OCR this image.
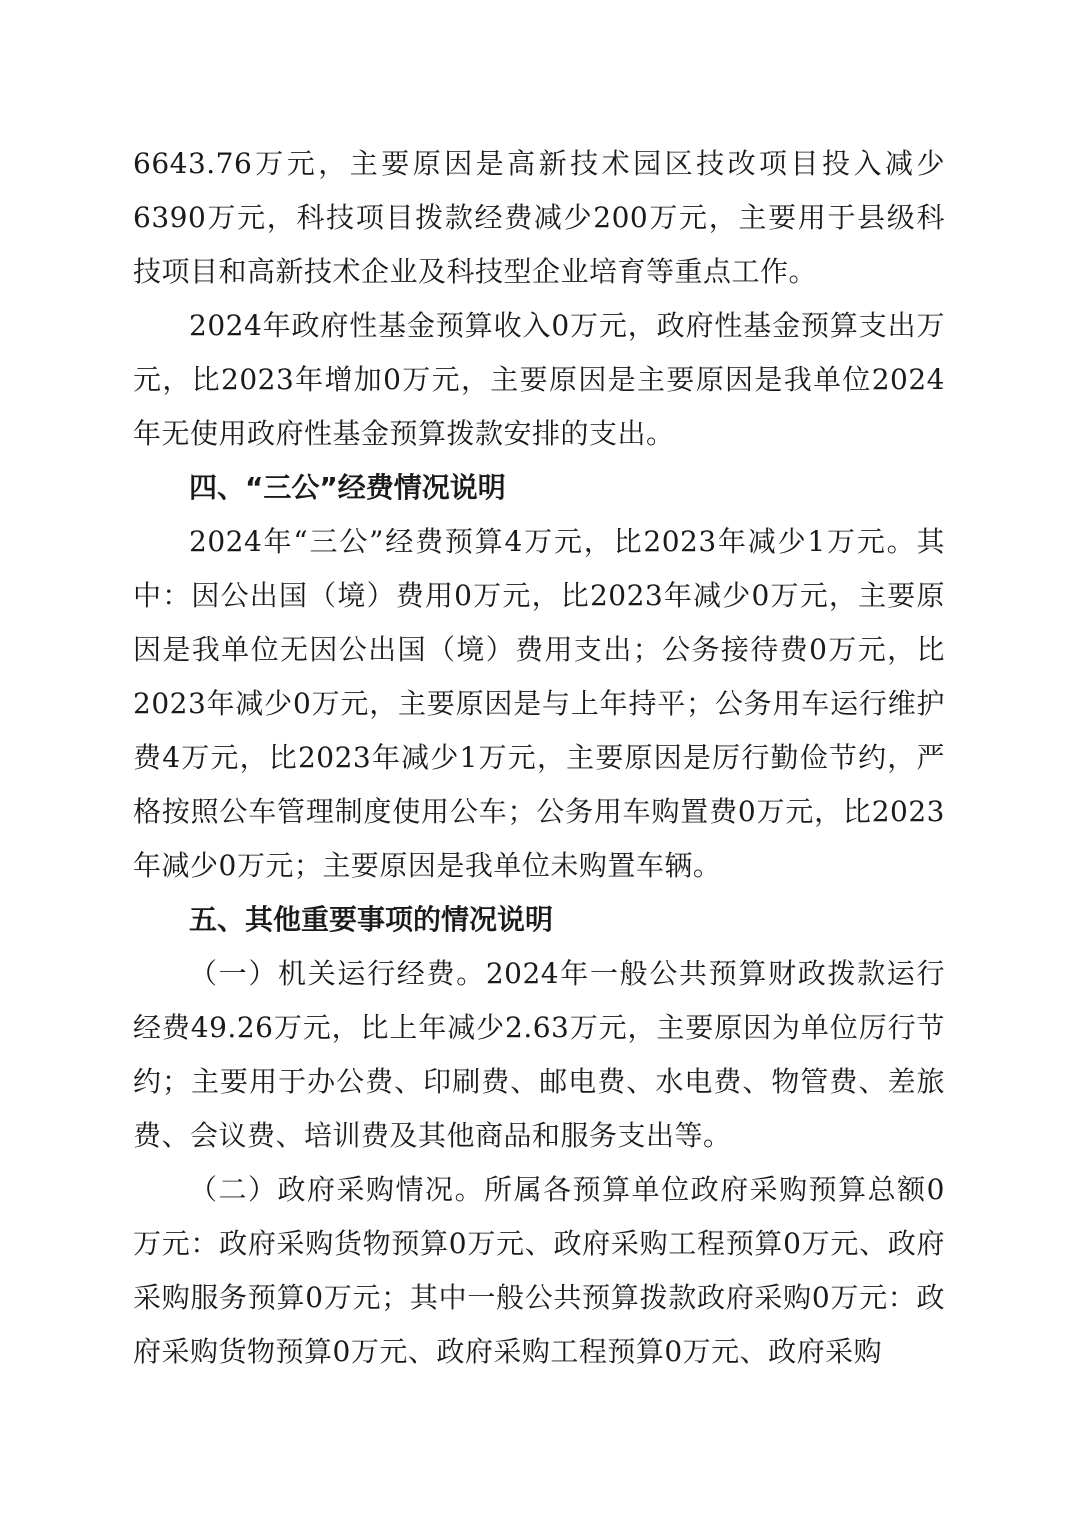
6643.76万元，主要原因是高新技术园区技改项目投入减少6390万元，科技项目拨款经费减少200万元，主要用于县级科技项目和高新技术企业及科技型企业培育等重点工作。

2024年政府性基金预算收入0万元，政府性基金预算支出万元，比2023年增加0万元，主要原因是主要原因是我单位2024年无使用政府性基金预算拨款安排的支出。

四、“三公”经费情况说明

2024年“三公”经费预算4万元，比2023年减少1万元。其中：因公出国（境）费用0万元，比2023年减少0万元，主要原因是我单位无因公出国（境）费用支出；公务接待费0万元，比2023年减少0万元，主要原因是与上年持平；公务用车运行维护费4万元，比2023年减少1万元，主要原因是厉行勤俭节约，严格按照公车管理制度使用公车；公务用车购置费0万元，比2023年减少0万元；主要原因是我单位未购置车辆。

五、其他重要事项的情况说明

（一）机关运行经费。2024年一般公共预算财政拨款运行经费49.26万元，比上年减少2.63万元，主要原因为单位厉行节约；主要用于办公费、印刷费、邮电费、水电费、物管费、差旅费、会议费、培训费及其他商品和服务支出等。

（二）政府采购情况。所属各预算单位政府采购预算总额0万元：政府采购货物预算0万元、政府采购工程预算0万元、政府采购服务预算0万元；其中一般公共预算拨款政府采购0万元：政府采购货物预算0万元、政府采购工程预算0万元、政府采购
